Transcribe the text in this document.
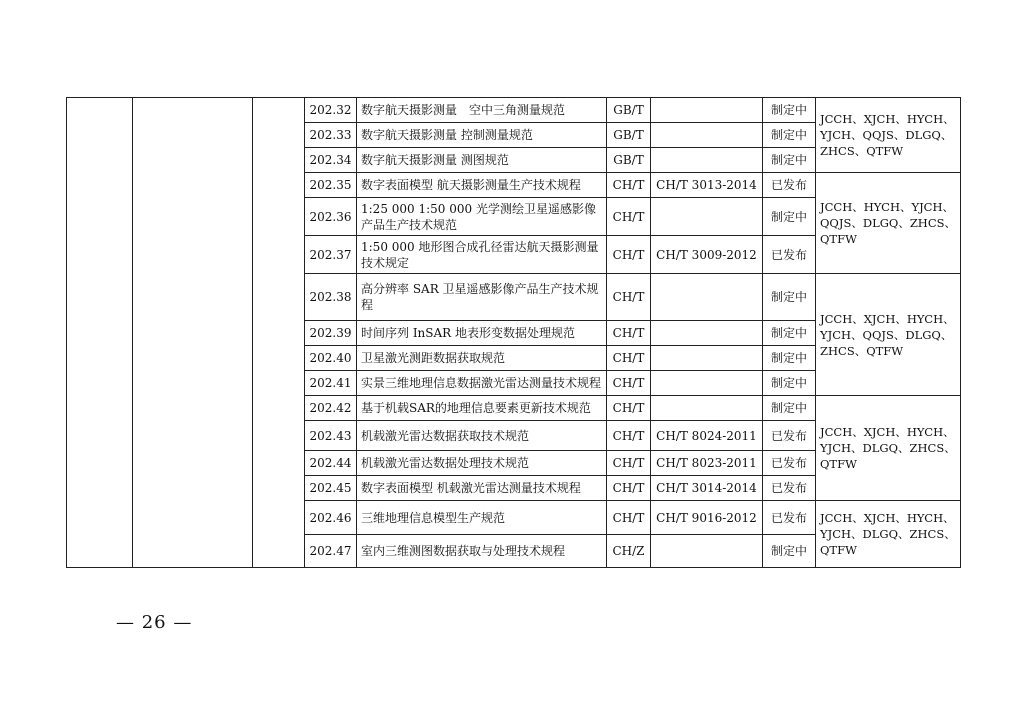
			202.32	数字航天摄影测量　空中三角测量规范	GB/T		制定中	JCCH、XJCH、HYCH、YJCH、QQJS、DLGQ、ZHCS、QTFW
			202.33	数字航天摄影测量 控制测量规范	GB/T		制定中	
			202.34	数字航天摄影测量 测图规范	GB/T		制定中	
			202.35	数字表面模型 航天摄影测量生产技术规程	CH/T	CH/T 3013-2014	已发布	JCCH、HYCH、YJCH、QQJS、DLGQ、ZHCS、QTFW
			202.36	1:25 000 1:50 000 光学测绘卫星遥感影像产品生产技术规范	CH/T		制定中	
			202.37	1:50 000 地形图合成孔径雷达航天摄影测量技术规定	CH/T	CH/T 3009-2012	已发布	
			202.38	高分辨率 SAR 卫星遥感影像产品生产技术规程	CH/T		制定中	JCCH、XJCH、HYCH、YJCH、QQJS、DLGQ、ZHCS、QTFW
			202.39	时间序列 InSAR 地表形变数据处理规范	CH/T		制定中	
			202.40	卫星激光测距数据获取规范	CH/T		制定中	
			202.41	实景三维地理信息数据激光雷达测量技术规程	CH/T		制定中	
			202.42	基于机载SAR的地理信息要素更新技术规范	CH/T		制定中	JCCH、XJCH、HYCH、YJCH、DLGQ、ZHCS、QTFW
			202.43	机载激光雷达数据获取技术规范	CH/T	CH/T 8024-2011	已发布	
			202.44	机载激光雷达数据处理技术规范	CH/T	CH/T 8023-2011	已发布	
			202.45	数字表面模型 机载激光雷达测量技术规程	CH/T	CH/T 3014-2014	已发布	
			202.46	三维地理信息模型生产规范	CH/T	CH/T 9016-2012	已发布	JCCH、XJCH、HYCH、YJCH、DLGQ、ZHCS、QTFW
			202.47	室内三维测图数据获取与处理技术规程	CH/Z		制定中	
— 26 —
